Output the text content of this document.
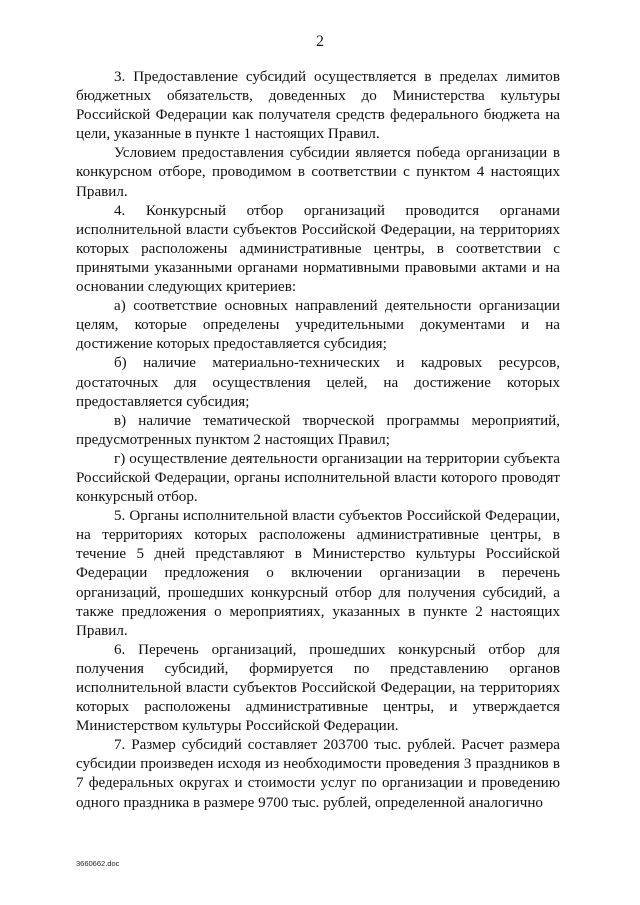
2

3. Предоставление субсидий осуществляется в пределах лимитов бюджетных обязательств, доведенных до Министерства культуры Российской Федерации как получателя средств федерального бюджета на цели, указанные в пункте 1 настоящих Правил.

Условием предоставления субсидии является победа организации в конкурсном отборе, проводимом в соответствии с пунктом 4 настоящих Правил.

4. Конкурсный отбор организаций проводится органами исполнительной власти субъектов Российской Федерации, на территориях которых расположены административные центры, в соответствии с принятыми указанными органами нормативными правовыми актами и на основании следующих критериев:

а) соответствие основных направлений деятельности организации целям, которые определены учредительными документами и на достижение которых предоставляется субсидия;

б) наличие материально-технических и кадровых ресурсов, достаточных для осуществления целей, на достижение которых предоставляется субсидия;

в) наличие тематической творческой программы мероприятий, предусмотренных пунктом 2 настоящих Правил;

г) осуществление деятельности организации на территории субъекта Российской Федерации, органы исполнительной власти которого проводят конкурсный отбор.

5. Органы исполнительной власти субъектов Российской Федерации, на территориях которых расположены административные центры, в течение 5 дней представляют в Министерство культуры Российской Федерации предложения о включении организации в перечень организаций, прошедших конкурсный отбор для получения субсидий, а также предложения о мероприятиях, указанных в пункте 2 настоящих Правил.

6. Перечень организаций, прошедших конкурсный отбор для получения субсидий, формируется по представлению органов исполнительной власти субъектов Российской Федерации, на территориях которых расположены административные центры, и утверждается Министерством культуры Российской Федерации.

7. Размер субсидий составляет 203700 тыс. рублей. Расчет размера субсидии произведен исходя из необходимости проведения 3 праздников в 7 федеральных округах и стоимости услуг по организации и проведению одного праздника в размере 9700 тыс. рублей, определенной аналогично

3660662.doc
